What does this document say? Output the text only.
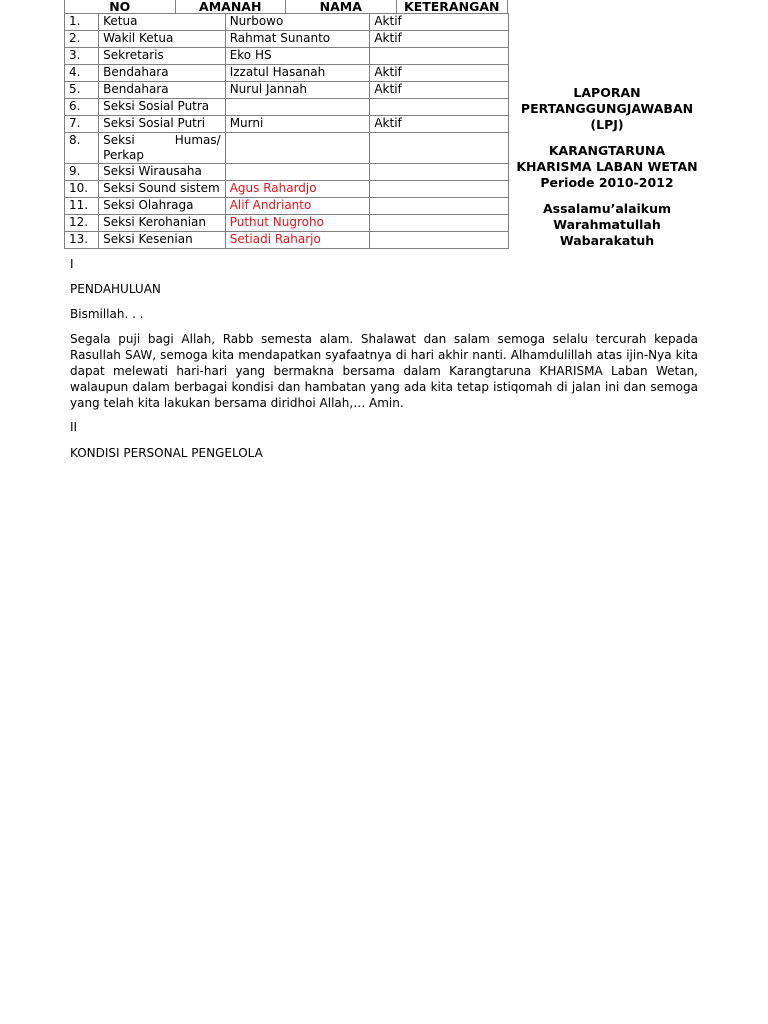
NO	AMANAH	NAMA	KETERANGAN
1.	Ketua	Nurbowo	Aktif
2.	Wakil Ketua	Rahmat Sunanto	Aktif
3.	Sekretaris	Eko HS	
4.	Bendahara	Izzatul Hasanah	Aktif
5.	Bendahara	Nurul Jannah	Aktif
6.	Seksi Sosial Putra		
7.	Seksi Sosial Putri	Murni	Aktif
8.	Seksi Humas/
Perkap		

9.	Seksi Wirausaha		
10.	Seksi Sound sistem	Agus Rahardjo	
11.	Seksi Olahraga	Alif Andrianto	
12.	Seksi Kerohanian	Puthut Nugroho	
13.	Seksi Kesenian	Setiadi Raharjo	

LAPORAN PERTANGGUNGJAWABAN (LPJ)

KARANGTARUNA KHARISMA LABAN WETAN

Periode 2010-2012

Assalamu’alaikum Warahmatullah Wabarakatuh

I

PENDAHULUAN

Bismillah. . .

Segala puji bagi Allah, Rabb semesta alam. Shalawat dan salam semoga selalu tercurah kepada Rasullah SAW, semoga kita mendapatkan syafaatnya di hari akhir nanti. Alhamdulillah atas ijin-Nya kita dapat melewati hari-hari yang bermakna bersama dalam Karangtaruna KHARISMA Laban Wetan, walaupun dalam berbagai kondisi dan hambatan yang ada kita tetap istiqomah di jalan ini dan semoga yang telah kita lakukan bersama diridhoi Allah,… Amin.

II

KONDISI PERSONAL PENGELOLA
